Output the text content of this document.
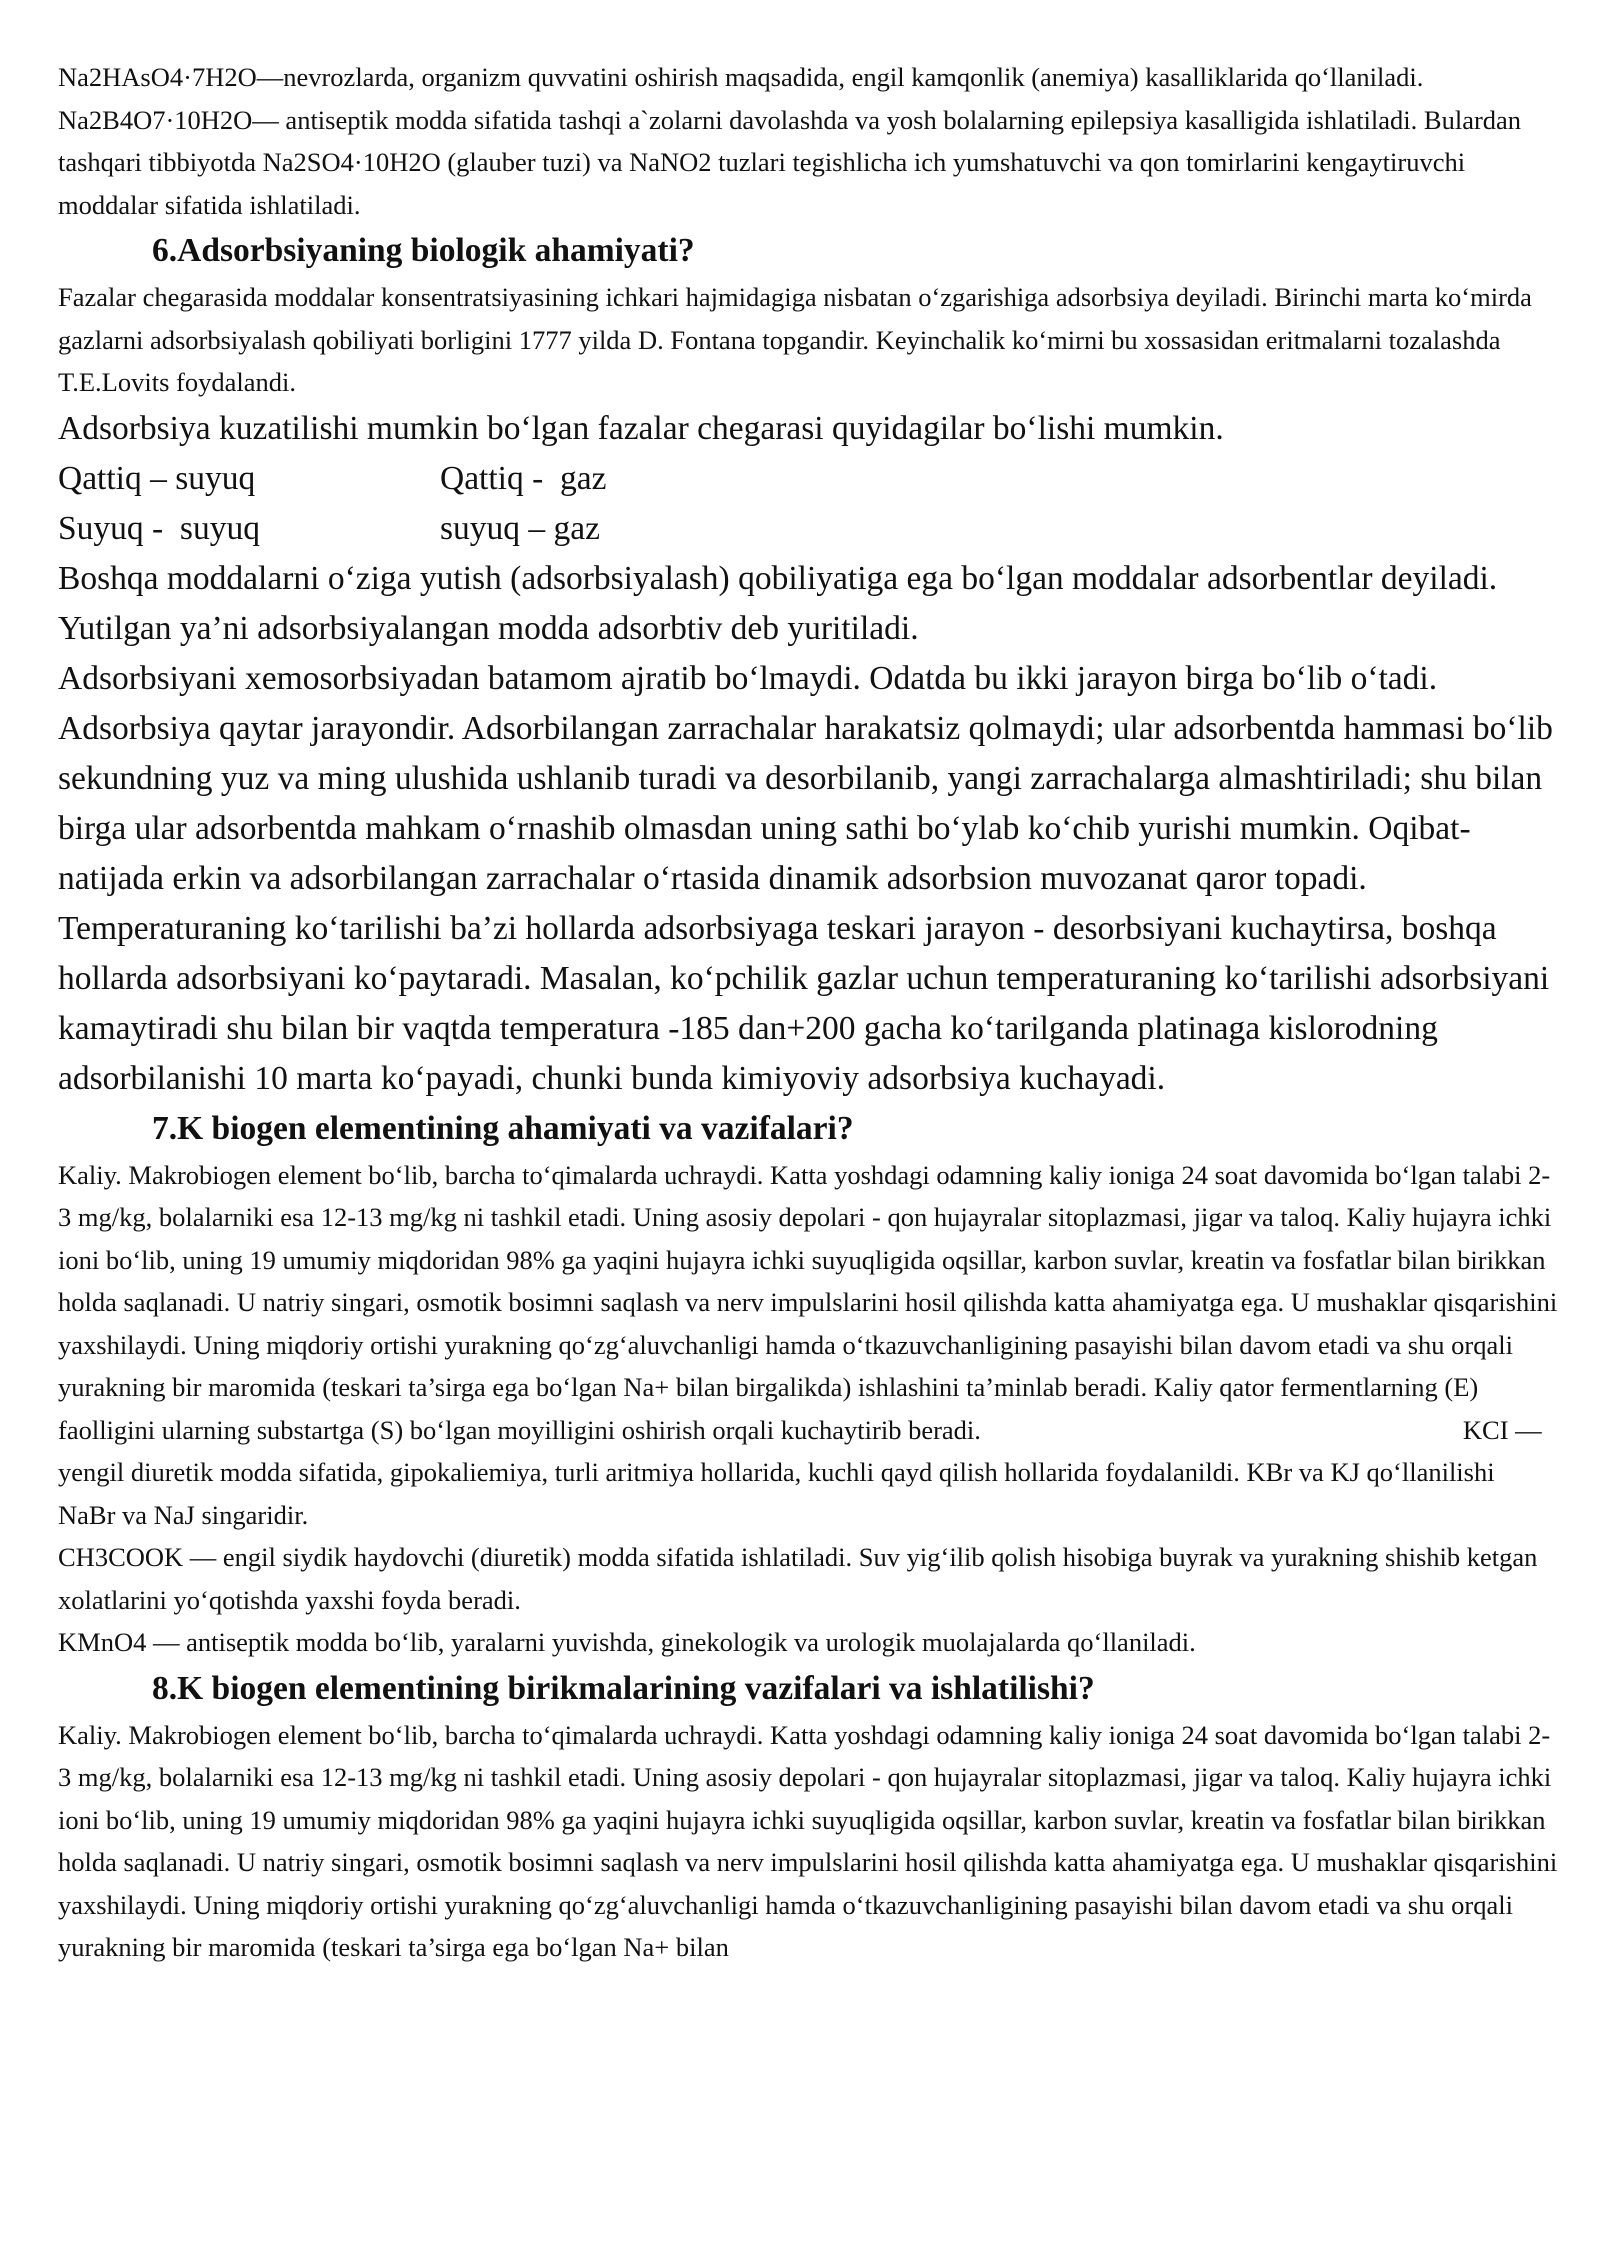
Na2HAsO4·7H2O—nevrozlarda, organizm quvvatini oshirish maqsadida, engil kamqonlik (anemiya) kasalliklarida qo‘llaniladi. Na2B4O7·10H2O— antiseptik modda sifatida tashqi a`zolarni davolashda va yosh bolalarning epilepsiya kasalligida ishlatiladi. Bulardan tashqari tibbiyotda Na2SO4·10H2O (glauber tuzi) va NaNO2 tuzlari tegishlicha ich yumshatuvchi va qon tomirlarini kengaytiruvchi moddalar sifatida ishlatiladi.

6.Adsorbsiyaning biologik ahamiyati?

Fazalar chegarasida moddalar konsentratsiyasining ichkari hajmidagiga nisbatan o‘zgarishiga adsorbsiya deyiladi. Birinchi marta ko‘mirda gazlarni adsorbsiyalash qobiliyati borligini 1777 yilda D. Fontana topgandir. Keyinchalik ko‘mirni bu xossasidan eritmalarni tozalashda T.E.Lovits foydalandi.

Adsorbsiya kuzatilishi mumkin bo‘lgan fazalar chegarasi quyidagilar bo‘lishi mumkin.

Qattiq – suyuq	Qattiq -  gaz
Suyuq -  suyuq	suyuq – gaz

Boshqa moddalarni o‘ziga yutish (adsorbsiyalash) qobiliyatiga ega bo‘lgan moddalar adsorbentlar deyiladi. Yutilgan ya’ni adsorbsiyalangan modda adsorbtiv deb yuritiladi.

Adsorbsiyani xemosorbsiyadan batamom ajratib bo‘lmaydi. Odatda bu ikki jarayon birga bo‘lib o‘tadi. Adsorbsiya qaytar jarayondir. Adsorbilangan zarrachalar harakatsiz qolmaydi; ular adsorbentda hammasi bo‘lib sekundning yuz va ming ulushida ushlanib turadi va desorbilanib, yangi zarrachalarga almashtiriladi; shu bilan birga ular adsorbentda mahkam o‘rnashib olmasdan uning sathi bo‘ylab ko‘chib yurishi mumkin. Oqibat-natijada erkin va adsorbilangan zarrachalar o‘rtasida dinamik adsorbsion muvozanat qaror topadi.

Temperaturaning ko‘tarilishi ba’zi hollarda adsorbsiyaga teskari jarayon - desorbsiyani kuchaytirsa, boshqa hollarda adsorbsiyani ko‘paytaradi. Masalan, ko‘pchilik gazlar uchun temperaturaning ko‘tarilishi adsorbsiyani kamaytiradi shu bilan bir vaqtda temperatura -185 dan+200 gacha ko‘tarilganda platinaga kislorodning adsorbilanishi 10 marta ko‘payadi, chunki bunda kimiyoviy adsorbsiya kuchayadi.

7.K biogen elementining ahamiyati va vazifalari?

Kaliy. Makrobiogen element bo‘lib, barcha to‘qimalarda uchraydi. Katta yoshdagi odamning kaliy ioniga 24 soat davomida bo‘lgan talabi 2-3 mg/kg, bolalarniki esa 12-13 mg/kg ni tashkil etadi. Uning asosiy depolari - qon hujayralar sitoplazmasi, jigar va taloq. Kaliy hujayra ichki ioni bo‘lib, uning 19 umumiy miqdoridan 98% ga yaqini hujayra ichki suyuqligida oqsillar, karbon suvlar, kreatin va fosfatlar bilan birikkan holda saqlanadi. U natriy singari, osmotik bosimni saqlash va nerv impulslarini hosil qilishda katta ahamiyatga ega. U mushaklar qisqarishini yaxshilaydi. Uning miqdoriy ortishi yurakning qo‘zg‘aluvchanligi hamda o‘tkazuvchanligining pasayishi bilan davom etadi va shu orqali yurakning bir maromida (teskari ta’sirga ega bo‘lgan Na+ bilan birgalikda) ishlashini ta’minlab beradi. Kaliy qator fermentlarning (E) faolligini ularning substartga (S) bo‘lgan moyilligini oshirish orqali kuchaytirib beradi.	KCI — yengil diuretik modda sifatida, gipokaliemiya, turli aritmiya hollarida, kuchli qayd qilish hollarida foydalanildi. KBr va KJ qo‘llanilishi NaBr va NaJ singaridir.

CH3COOK — engil siydik haydovchi (diuretik) modda sifatida ishlatiladi. Suv yig‘ilib qolish hisobiga buyrak va yurakning shishib ketgan xolatlarini yo‘qotishda yaxshi foyda beradi.

KMnO4 — antiseptik modda bo‘lib, yaralarni yuvishda, ginekologik va urologik muolajalarda qo‘llaniladi.

8.K biogen elementining birikmalarining vazifalari va ishlatilishi?

Kaliy. Makrobiogen element bo‘lib, barcha to‘qimalarda uchraydi. Katta yoshdagi odamning kaliy ioniga 24 soat davomida bo‘lgan talabi 2-3 mg/kg, bolalarniki esa 12-13 mg/kg ni tashkil etadi. Uning asosiy depolari - qon hujayralar sitoplazmasi, jigar va taloq. Kaliy hujayra ichki ioni bo‘lib, uning 19 umumiy miqdoridan 98% ga yaqini hujayra ichki suyuqligida oqsillar, karbon suvlar, kreatin va fosfatlar bilan birikkan holda saqlanadi. U natriy singari, osmotik bosimni saqlash va nerv impulslarini hosil qilishda katta ahamiyatga ega. U mushaklar qisqarishini yaxshilaydi. Uning miqdoriy ortishi yurakning qo‘zg‘aluvchanligi hamda o‘tkazuvchanligining pasayishi bilan davom etadi va shu orqali yurakning bir maromida (teskari ta’sirga ega bo‘lgan Na+ bilan
